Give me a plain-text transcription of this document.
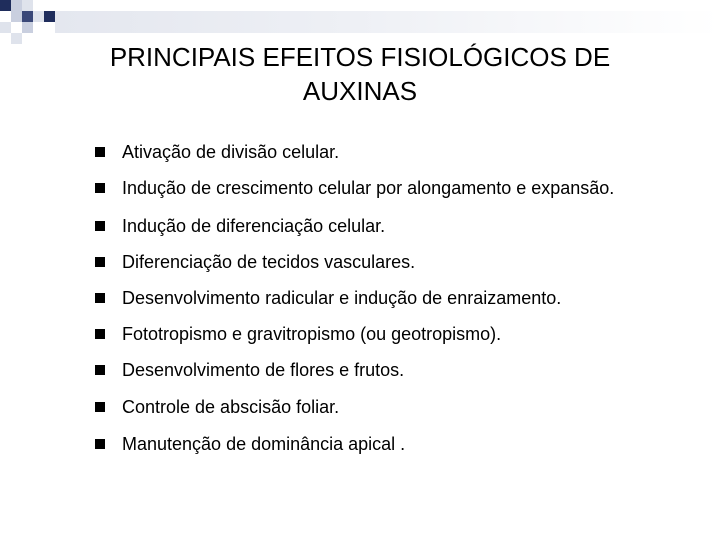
PRINCIPAIS EFEITOS FISIOLÓGICOS DE
AUXINAS
Ativação de divisão celular.
Indução de crescimento celular por alongamento e expansão.
Indução de diferenciação celular.
Diferenciação de tecidos vasculares.
Desenvolvimento radicular e indução de enraizamento.
Fototropismo e gravitropismo (ou geotropismo).
Desenvolvimento de flores e frutos.
Controle de abscisão foliar.
Manutenção de dominância apical .
